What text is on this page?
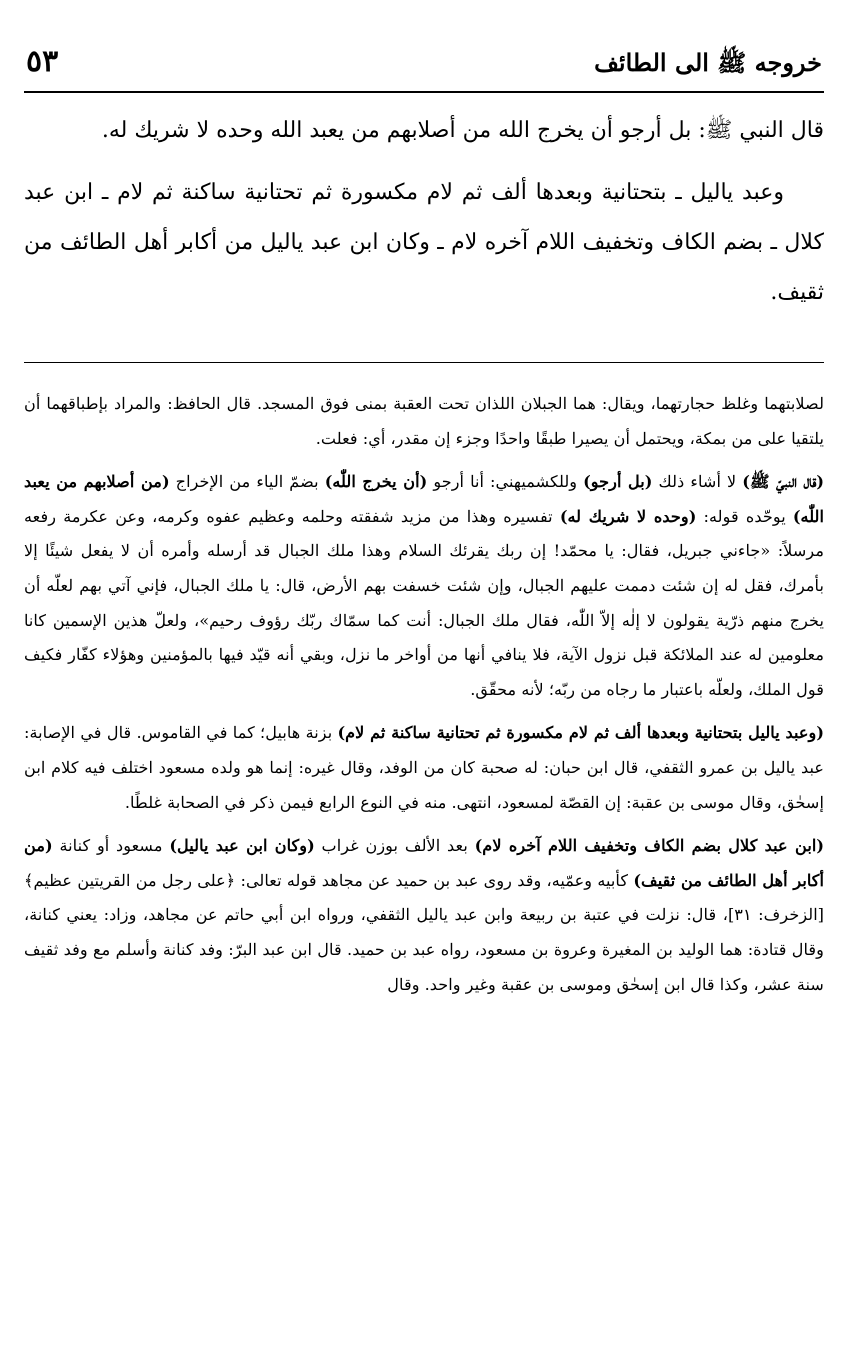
خروجه ﷺ الى الطائف
٥٣

قال النبي ﷺ: بل أرجو أن يخرج الله من أصلابهم من يعبد الله وحده لا شريك له.

وعبد ياليل ـ بتحتانية وبعدها ألف ثم لام مكسورة ثم تحتانية ساكنة ثم لام ـ ابن عبد كلال ـ بضم الكاف وتخفيف اللام آخره لام ـ وكان ابن عبد ياليل من أكابر أهل الطائف من ثقيف.

لصلابتهما وغلظ حجارتهما، ويقال: هما الجبلان اللذان تحت العقبة بمنى فوق المسجد. قال الحافظ: والمراد بإطباقهما أن يلتقيا على من بمكة، ويحتمل أن يصيرا طبقًا واحدًا وجزء إن مقدر، أي: فعلت.

(قال النبيّ ﷺ) لا أشاء ذلك (بل أرجو) وللكشميهني: أنا أرجو (أن يخرج اللّٰه) بضمّ الياء من الإخراج (من أصلابهم من يعبد اللّٰه) يوحّده قوله: (وحده لا شريك له) تفسيره وهذا من مزيد شفقته وحلمه وعظيم عفوه وكرمه، وعن عكرمة رفعه مرسلاً: «جاءني جبريل، فقال: يا محمّد! إن ربك يقرئك السلام وهذا ملك الجبال قد أرسله وأمره أن لا يفعل شيئًا إلا بأمرك، فقل له إن شئت دممت عليهم الجبال، وإن شئت خسفت بهم الأرض، قال: يا ملك الجبال، فإني آتي بهم لعلّه أن يخرج منهم ذرّية يقولون لا إلٰه إلاّ اللّٰه، فقال ملك الجبال: أنت كما سمّاك ربّك رؤوف رحيم»، ولعلّ هذين الإسمين كانا معلومين له عند الملائكة قبل نزول الآية، فلا ينافي أنها من أواخر ما نزل، وبقي أنه قيّد فيها بالمؤمنين وهؤلاء كفّار فكيف قول الملك، ولعلّه باعتبار ما رجاه من ربّه؛ لأنه محقّق.

(وعبد ياليل بتحتانية وبعدها ألف ثم لام مكسورة ثم تحتانية ساكنة ثم لام) بزنة هابيل؛ كما في القاموس. قال في الإصابة: عبد ياليل بن عمرو الثقفي، قال ابن حبان: له صحبة كان من الوفد، وقال غيره: إنما هو ولده مسعود اختلف فيه كلام ابن إسحٰق، وقال موسى بن عقبة: إن القصّة لمسعود، انتهى. منه في النوع الرابع فيمن ذكر في الصحابة غلطًا.

(ابن عبد كلال بضم الكاف وتخفيف اللام آخره لام) بعد الألف بوزن غراب (وكان ابن عبد ياليل) مسعود أو كنانة (من أكابر أهل الطائف من ثقيف) كأبيه وعمّيه، وقد روى عبد بن حميد عن مجاهد قوله تعالى: ﴿على رجل من القريتين عظيم﴾ [الزخرف: ٣١]، قال: نزلت في عتبة بن ربيعة وابن عبد ياليل الثقفي، ورواه ابن أبي حاتم عن مجاهد، وزاد: يعني كنانة، وقال قتادة: هما الوليد بن المغيرة وعروة بن مسعود، رواه عبد بن حميد. قال ابن عبد البرّ: وفد كنانة وأسلم مع وفد ثقيف سنة عشر، وكذا قال ابن إسحٰق وموسى بن عقبة وغير واحد. وقال
